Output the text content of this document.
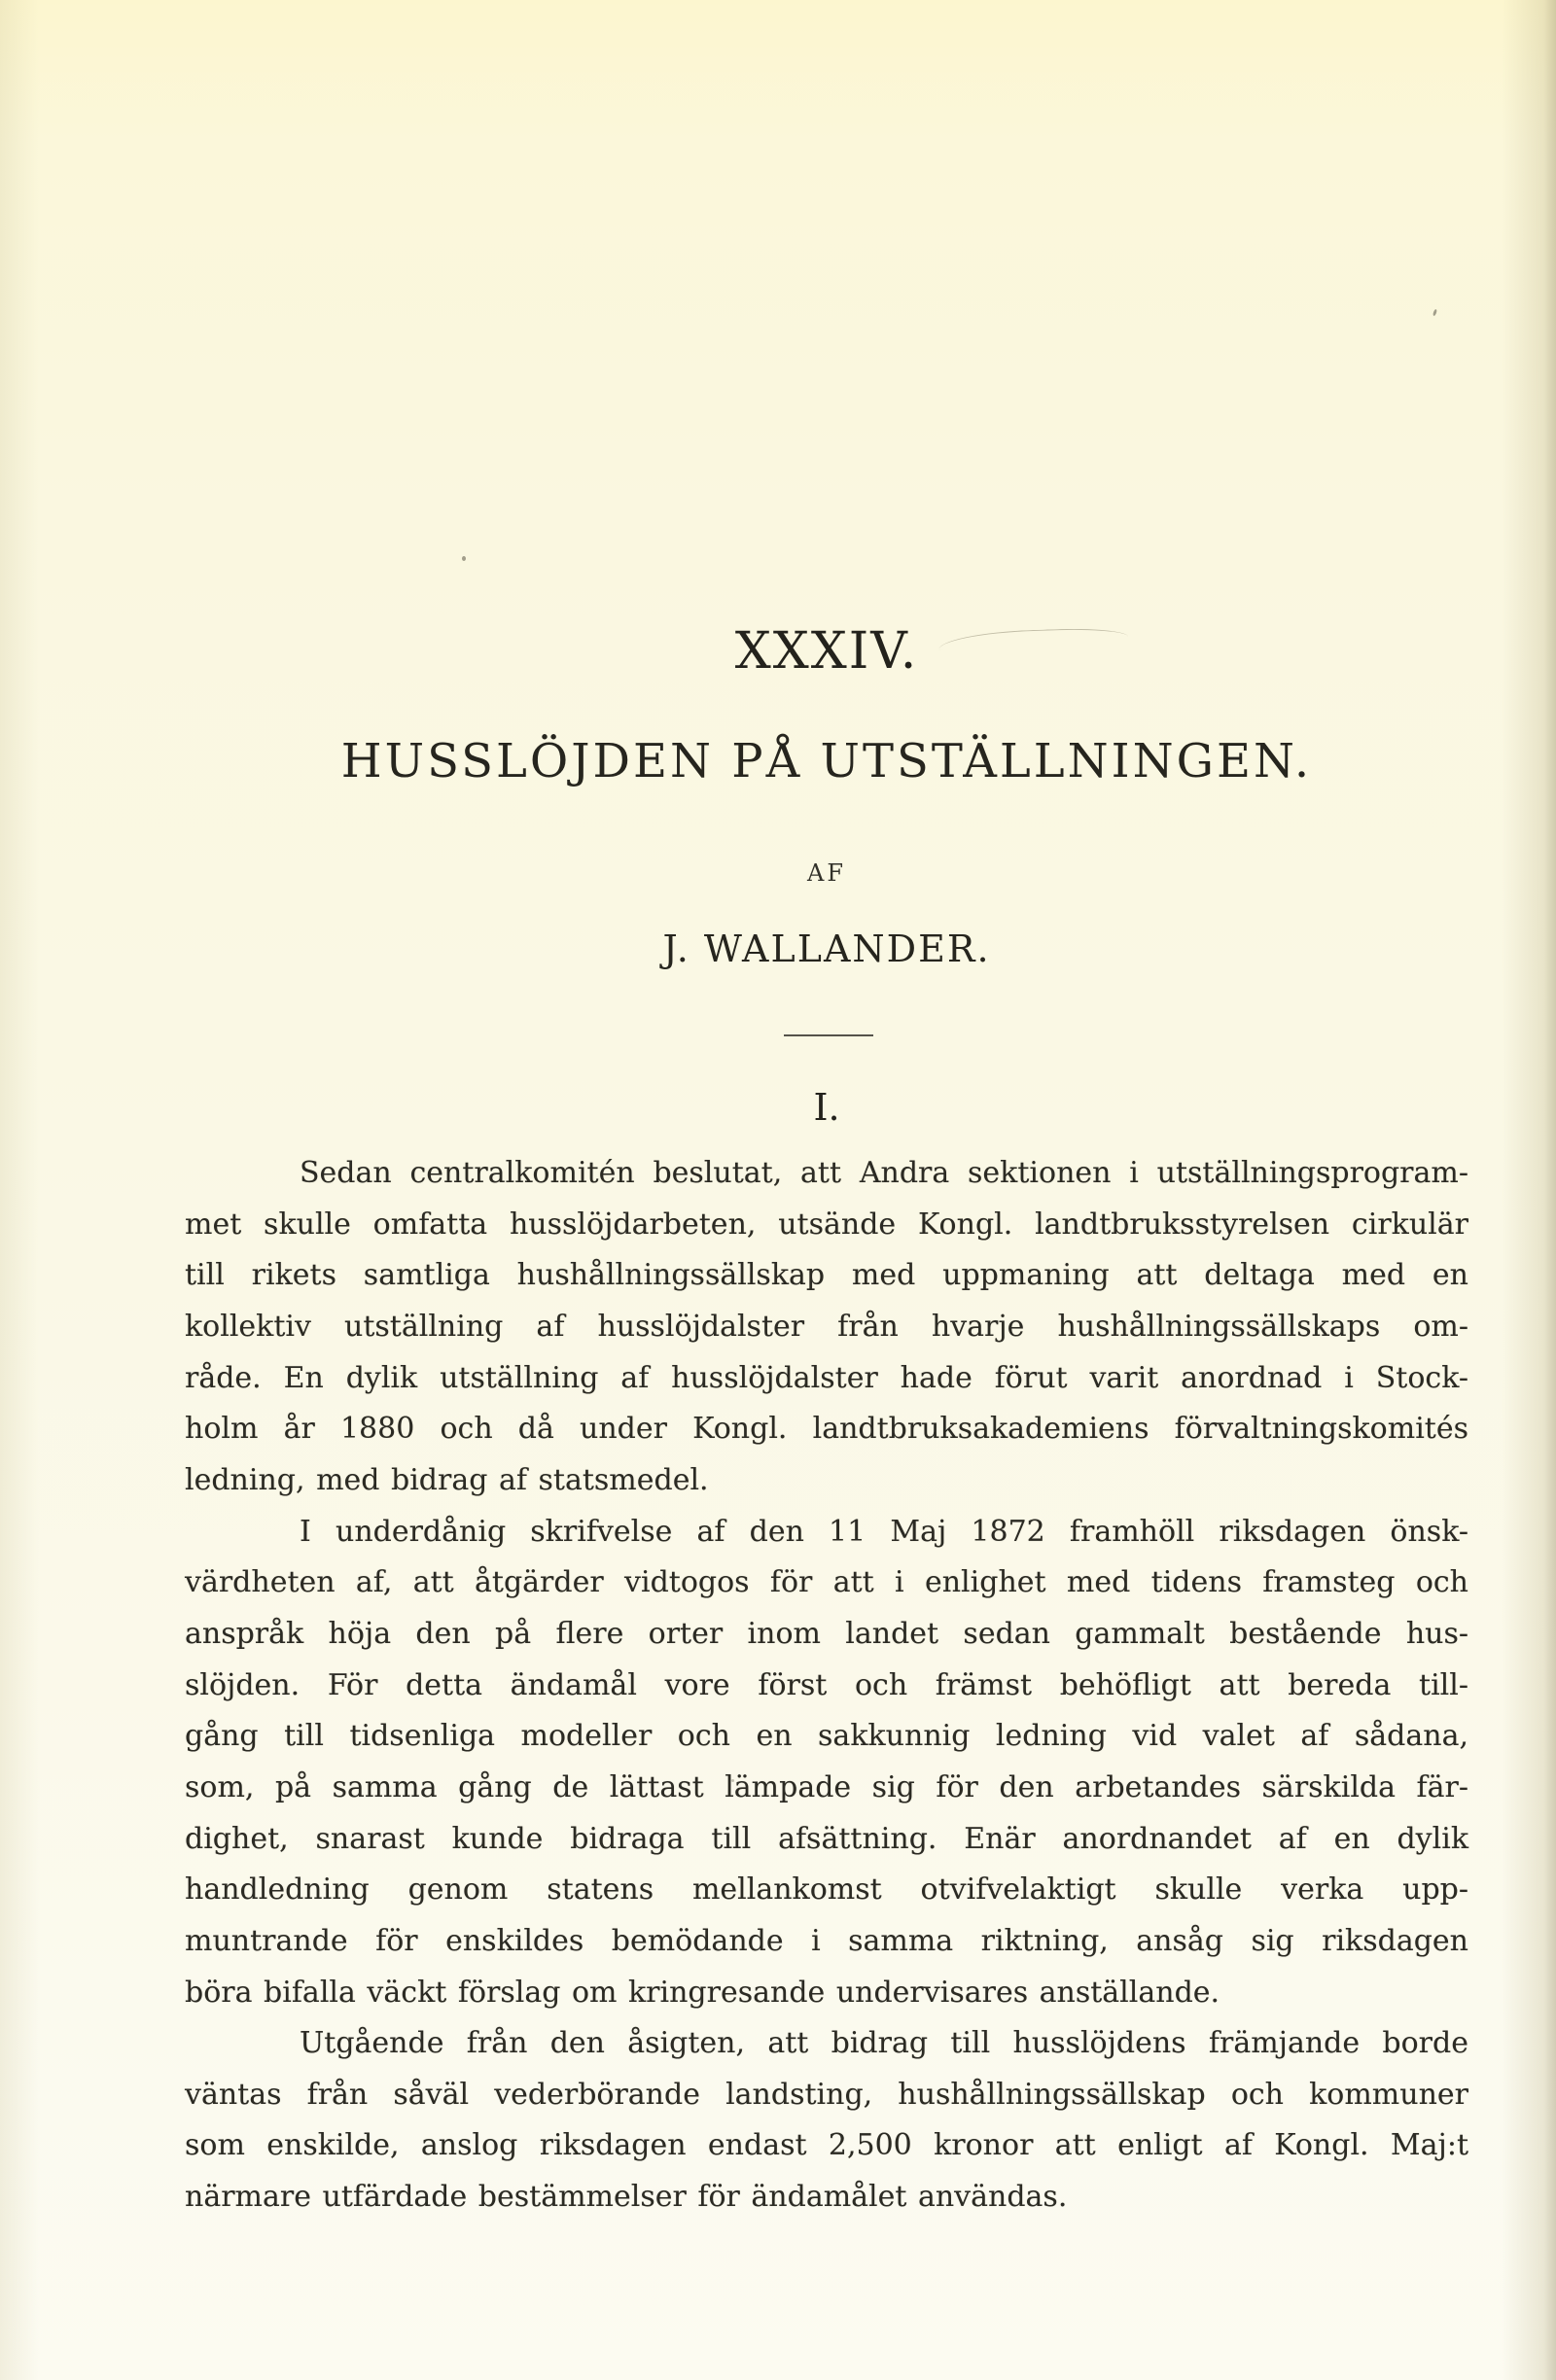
XXXIV.
HUSSLÖJDEN PÅ UTSTÄLLNINGEN.
AF
J. WALLANDER.
I.
Sedan centralkomitén beslutat, att Andra sektionen i utställningsprogram-
met skulle omfatta husslöjdarbeten, utsände Kongl. landtbruksstyrelsen cirkulär
till rikets samtliga hushållningssällskap med uppmaning att deltaga med en
kollektiv utställning af husslöjdalster från hvarje hushållningssällskaps om-
råde. En dylik utställning af husslöjdalster hade förut varit anordnad i Stock-
holm år 1880 och då under Kongl. landtbruksakademiens förvaltningskomités
ledning, med bidrag af statsmedel.
I underdånig skrifvelse af den 11 Maj 1872 framhöll riksdagen önsk-
värdheten af, att åtgärder vidtogos för att i enlighet med tidens framsteg och
anspråk höja den på flere orter inom landet sedan gammalt bestående hus-
slöjden. För detta ändamål vore först och främst behöfligt att bereda till-
gång till tidsenliga modeller och en sakkunnig ledning vid valet af sådana,
som, på samma gång de lättast lämpade sig för den arbetandes särskilda fär-
dighet, snarast kunde bidraga till afsättning. Enär anordnandet af en dylik
handledning genom statens mellankomst otvifvelaktigt skulle verka upp-
muntrande för enskildes bemödande i samma riktning, ansåg sig riksdagen
böra bifalla väckt förslag om kringresande undervisares anställande.
Utgående från den åsigten, att bidrag till husslöjdens främjande borde
väntas från såväl vederbörande landsting, hushållningssällskap och kommuner
som enskilde, anslog riksdagen endast 2,500 kronor att enligt af Kongl. Maj:t
närmare utfärdade bestämmelser för ändamålet användas.
